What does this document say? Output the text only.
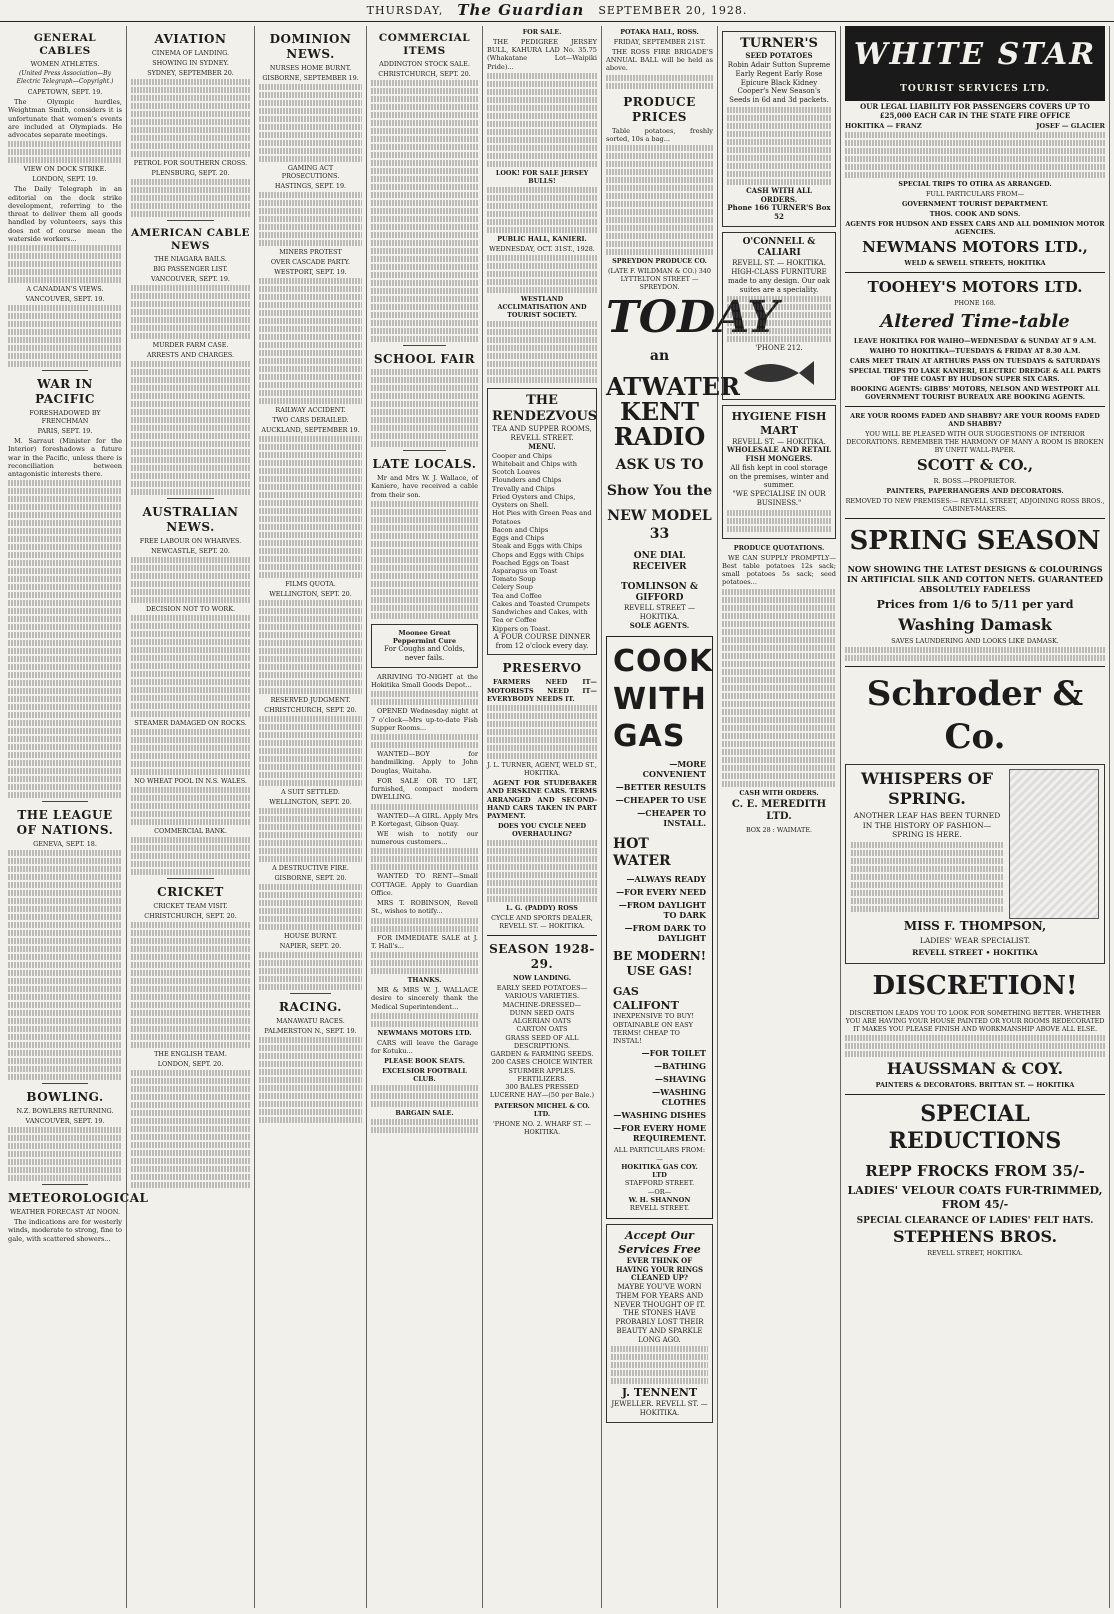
THURSDAY, The Guardian SEPTEMBER 20, 1928.
GENERAL CABLES
WOMEN ATHLETES.
(United Press Association—By Electric Telegraph—Copyright.)
CAPETOWN, SEPT. 19.

The Olympic hurdles, Weightman Smith, considers it is unfortunate that women's events are included at Olympiads. He advocates separate meetings.

VIEW ON DOCK STRIKE.
LONDON, SEPT. 19.

The Daily Telegraph in an editorial on the dock strike development, referring to the threat to deliver them all goods handled by volunteers, says this does not of course mean the waterside workers...

A CANADIAN'S VIEWS.
VANCOUVER, SEPT. 19.
WAR IN PACIFIC
FORESHADOWED BY FRENCHMAN
PARIS, SEPT. 19.

M. Sarraut (Minister for the Interior) foreshadows a future war in the Pacific, unless there is reconciliation between antagonistic interests there.

THE LEAGUE OF NATIONS.
GENEVA, SEPT. 18.
BOWLING.
N.Z. BOWLERS RETURNING.
VANCOUVER, SEPT. 19.
METEOROLOGICAL
WEATHER FORECAST AT NOON.

The indications are for westerly winds, moderate to strong, fine to gale, with scattered showers...

AVIATION
CINEMA OF LANDING.
SHOWING IN SYDNEY.
SYDNEY, SEPTEMBER 20.
PETROL FOR SOUTHERN CROSS.
PLENSBURG, SEPT. 20.
AMERICAN CABLE NEWS
THE NIAGARA BAILS.
BIG PASSENGER LIST.
VANCOUVER, SEPT. 19.
MURDER FARM CASE.
ARRESTS AND CHARGES.
AUSTRALIAN NEWS.
FREE LABOUR ON WHARVES.
NEWCASTLE, SEPT. 20.
DECISION NOT TO WORK.
STEAMER DAMAGED ON ROCKS.
NO WHEAT POOL IN N.S. WALES.
COMMERCIAL BANK.
CRICKET
CRICKET TEAM VISIT.
CHRISTCHURCH, SEPT. 20.
THE ENGLISH TEAM.
LONDON, SEPT. 20.
DOMINION NEWS.
NURSES HOME BURNT.
GISBORNE, SEPTEMBER 19.
GAMING ACT PROSECUTIONS.
HASTINGS, SEPT. 19.
MINERS PROTEST
OVER CASCADE PARTY.
WESTPORT, SEPT. 19.
RAILWAY ACCIDENT.
TWO CARS DERAILED.
AUCKLAND, SEPTEMBER 19.
FILMS QUOTA.
WELLINGTON, SEPT. 20.
RESERVED JUDGMENT.
CHRISTCHURCH, SEPT. 20.
A SUIT SETTLED.
WELLINGTON, SEPT. 20.
A DESTRUCTIVE FIRE.
GISBORNE, SEPT. 20.
HOUSE BURNT.
NAPIER, SEPT. 20.
RACING.
MANAWATU RACES.
PALMERSTON N., SEPT. 19.
COMMERCIAL ITEMS
ADDINGTON STOCK SALE.
CHRISTCHURCH, SEPT. 20.
SCHOOL FAIR
LATE LOCALS.

Mr and Mrs W. J. Wallace, of Kaniere, have received a cable from their son.

Moonee Great Peppermint Cure
For Coughs and Colds, never fails.

ARRIVING TO-NIGHT at the Hokitika Small Goods Depot...

OPENED Wednesday night at 7 o'clock—Mrs up-to-date Fish Supper Rooms...

WANTED—BOY for handmilking. Apply to John Douglas, Waitaha.

FOR SALE OR TO LET, furnished, compact modern DWELLING.

WANTED—A GIRL. Apply Mrs P. Kortegast, Gibson Quay.

WE wish to notify our numerous customers...

WANTED TO RENT—Small COTTAGE. Apply to Guardian Office.

MRS T. ROBINSON, Revell St., wishes to notify...

FOR IMMEDIATE SALE at J. T. Hall's...

THANKS.

MR & MRS W. J. WALLACE desire to sincerely thank the Medical Superintendent...

NEWMANS MOTORS LTD.

CARS will leave the Garage for Kotuku...

PLEASE BOOK SEATS.
EXCELSIOR FOOTBALL CLUB.
BARGAIN SALE.
FOR SALE.

THE PEDIGREE JERSEY BULL, KAHURA LAD No. 35.75 (Whakatane Lot—Waipiki Pride)...

LOOK! FOR SALE JERSEY BULLS!
PUBLIC HALL, KANIERI.
WEDNESDAY, OCT. 31ST., 1928.
WESTLAND ACCLIMATISATION AND TOURIST SOCIETY.
THE RENDEZVOUS
TEA AND SUPPER ROOMS, REVELL STREET.
MENU.
Cooper and Chips
Whitebait and Chips with Scotch Loaves
Flounders and Chips
Trevally and Chips
Fried Oysters and Chips, Oysters on Shell.
Hot Pies with Green Peas and Potatoes
Bacon and Chips
Eggs and Chips
Steak and Eggs with Chips
Chops and Eggs with Chips
Poached Eggs on Toast
Asparagus on Toast
Tomato Soup
Celery Soup
Tea and Coffee
Cakes and Toasted Crumpets
Sandwiches and Cakes, with Tea or Coffee
Kippers on Toast.
A FOUR COURSE DINNER from 12 o'clock every day.
PRESERVO

FARMERS NEED IT—MOTORISTS NEED IT—EVERYBODY NEEDS IT.

J. L. TURNER, AGENT, WELD ST., HOKITIKA.

AGENT FOR STUDEBAKER AND ERSKINE CARS. TERMS ARRANGED AND SECOND-HAND CARS TAKEN IN PART PAYMENT.

DOES YOU CYCLE NEED OVERHAULING?
L. G. (PADDY) ROSS
CYCLE AND SPORTS DEALER, REVELL ST. — HOKITIKA.
SEASON 1928-29.
NOW LANDING.
EARLY SEED POTATOES—
VARIOUS VARIETIES.
MACHINE-DRESSED—
DUNN SEED OATS
ALGERIAN OATS
CARTON OATS
GRASS SEED OF ALL DESCRIPTIONS.
GARDEN & FARMING SEEDS.
200 CASES CHOICE WINTER STURMER APPLES.
FERTILIZERS.
300 BALES PRESSED LUCERNE HAY—(50 per Bale.)
PATERSON MICHEL & CO. LTD.
'PHONE NO. 2. WHARF ST. — HOKITIKA.
POTAKA HALL, ROSS.
FRIDAY, SEPTEMBER 21ST.

THE ROSS FIRE BRIGADE'S ANNUAL BALL will be held as above.

PRODUCE PRICES

Table potatoes, freshly sorted, 10s a bag...

SPREYDON PRODUCE CO.
(LATE F. WILDMAN & CO.) 340 LYTTELTON STREET — SPREYDON.
TODAY
an
ATWATER
KENT
RADIO
ASK US TO
Show You the
NEW MODEL 33
ONE DIAL RECEIVER
TOMLINSON & GIFFORD
REVELL STREET — HOKITIKA.
SOLE AGENTS.
COOK WITH GAS
—MORE CONVENIENT
—BETTER RESULTS
—CHEAPER TO USE
—CHEAPER TO INSTALL.
HOT WATER
—ALWAYS READY
—FOR EVERY NEED
—FROM DAYLIGHT TO DARK
—FROM DARK TO DAYLIGHT
BE MODERN! USE GAS!
GAS CALIFONT
INEXPENSIVE TO BUY! OBTAINABLE ON EASY TERMS! CHEAP TO INSTAL!
—FOR TOILET
—BATHING
—SHAVING
—WASHING CLOTHES
—WASHING DISHES
—FOR EVERY HOME REQUIREMENT.
ALL PARTICULARS FROM:—
HOKITIKA GAS COY. LTD
STAFFORD STREET.
—OR—
W. H. SHANNON
REVELL STREET.
Accept Our Services Free
EVER THINK OF HAVING YOUR RINGS CLEANED UP?
MAYBE YOU'VE WORN THEM FOR YEARS AND NEVER THOUGHT OF IT. THE STONES HAVE PROBABLY LOST THEIR BEAUTY AND SPARKLE LONG AGO.
J. TENNENT
JEWELLER. REVELL ST. — HOKITIKA.
TURNER'S
SEED POTATOES
Robin Adair Sutton Supreme
Early Regent Early Rose
Epicure Black Kidney
Cooper's New Season's Seeds in 6d and 3d packets.
CASH WITH ALL ORDERS.
Phone 166 TURNER'S Box 52
O'CONNELL & CALIARI
REVELL ST. — HOKITIKA.
HIGH-CLASS FURNITURE made to any design. Our oak suites are a speciality.
'PHONE 212.
HYGIENE FISH MART
REVELL ST. — HOKITIKA.
WHOLESALE AND RETAIL FISH MONGERS.
All fish kept in cool storage on the premises, winter and summer.
"WE SPECIALISE IN OUR BUSINESS."
PRODUCE QUOTATIONS.

WE CAN SUPPLY PROMPTLY— Best table potatoes 12s sack; small potatoes 5s sack; seed potatoes...

CASH WITH ORDERS.
C. E. MEREDITH LTD.
BOX 28 : WAIMATE.
WHITE STAR
TOURIST SERVICES LTD.
OUR LEGAL LIABILITY FOR PASSENGERS COVERS UP TO £25,000 EACH CAR IN THE STATE FIRE OFFICE
HOKITIKA — FRANZ	JOSEF — GLACIER
SPECIAL TRIPS TO OTIRA AS ARRANGED.
FULL PARTICULARS FROM—
GOVERNMENT TOURIST DEPARTMENT.
THOS. COOK AND SONS.
AGENTS FOR HUDSON AND ESSEX CARS AND ALL DOMINION MOTOR AGENCIES.
NEWMANS MOTORS LTD.,
WELD & SEWELL STREETS, HOKITIKA
TOOHEY'S MOTORS LTD.
PHONE 168.
Altered Time-table
LEAVE HOKITIKA FOR WAIHO—WEDNESDAY & SUNDAY AT 9 A.M.
WAIHO TO HOKITIKA—TUESDAYS & FRIDAY AT 8.30 A.M.
CARS MEET TRAIN AT ARTHURS PASS ON TUESDAYS & SATURDAYS
SPECIAL TRIPS TO LAKE KANIERI, ELECTRIC DREDGE & ALL PARTS OF THE COAST BY HUDSON SUPER SIX CARS.
BOOKING AGENTS: GIBBS' MOTORS, NELSON AND WESTPORT ALL GOVERNMENT TOURIST BUREAUX ARE BOOKING AGENTS.
ARE YOUR ROOMS FADED AND SHABBY? ARE YOUR ROOMS FADED AND SHABBY?
YOU WILL BE PLEASED WITH OUR SUGGESTIONS OF INTERIOR DECORATIONS. REMEMBER THE HARMONY OF MANY A ROOM IS BROKEN BY UNFIT WALL-PAPER.
SCOTT & CO.,
R. BOSS.—PROPRIETOR.
PAINTERS, PAPERHANGERS AND DECORATORS.
REMOVED TO NEW PREMISES:— REVELL STREET, ADJOINING ROSS BROS., CABINET-MAKERS.
SPRING SEASON
NOW SHOWING THE LATEST DESIGNS & COLOURINGS IN ARTIFICIAL SILK AND COTTON NETS. GUARANTEED ABSOLUTELY FADELESS
Prices from 1/6 to 5/11 per yard
Washing Damask
SAVES LAUNDERING AND LOOKS LIKE DAMASK.
Schroder & Co.
WHISPERS OF SPRING.
ANOTHER LEAF HAS BEEN TURNED IN THE HISTORY OF FASHION—SPRING IS HERE.
MISS F. THOMPSON,
LADIES' WEAR SPECIALIST.
REVELL STREET • HOKITIKA
DISCRETION!
DISCRETION LEADS YOU TO LOOK FOR SOMETHING BETTER. WHETHER YOU ARE HAVING YOUR HOUSE PAINTED OR YOUR ROOMS REDECORATED IT MAKES YOU PLEASE FINISH AND WORKMANSHIP ABOVE ALL ELSE.
HAUSSMAN & COY.
PAINTERS & DECORATORS. BRITTAN ST. — HOKITIKA
SPECIAL REDUCTIONS
REPP FROCKS FROM 35/-
LADIES' VELOUR COATS FUR-TRIMMED, FROM 45/-
SPECIAL CLEARANCE OF LADIES' FELT HATS.
STEPHENS BROS.
REVELL STREET, HOKITIKA.
